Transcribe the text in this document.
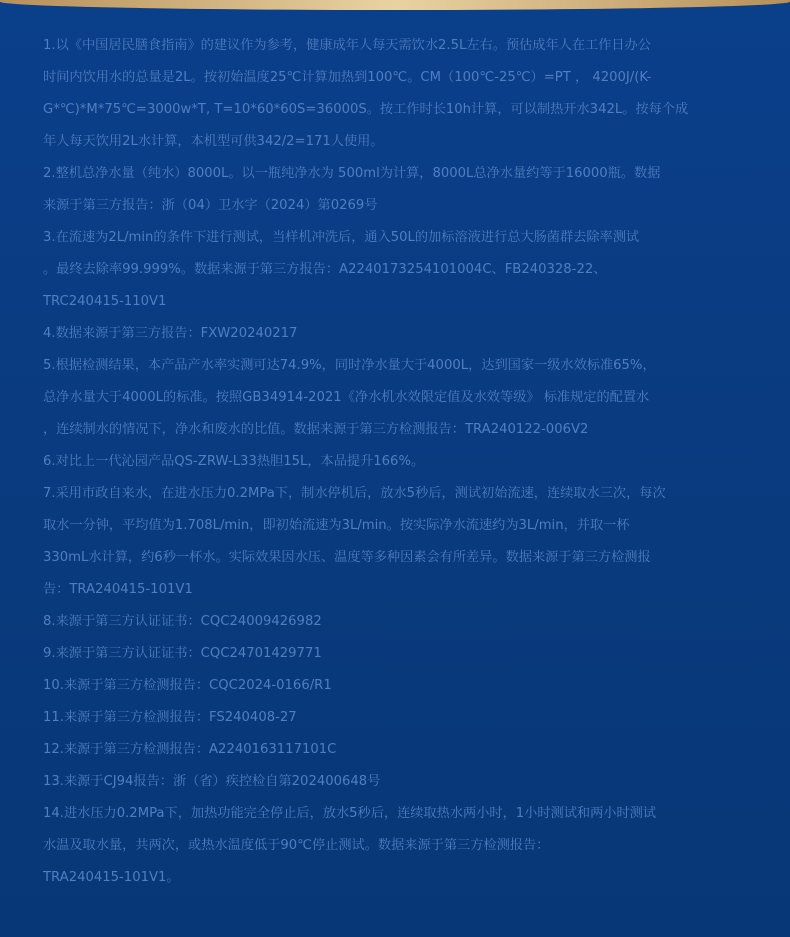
1.以《中国居民膳食指南》的建议作为参考，健康成年人每天需饮水2.5L左右。预估成年人在工作日办公
时间内饮用水的总量是2L。按初始温度25℃计算加热到100℃。CM（100℃-25℃）=PT ， 4200J/(K-
G*℃)*M*75℃=3000w*T, T=10*60*60S=36000S。按工作时长10h计算，可以制热开水342L。按每个成
年人每天饮用2L水计算，本机型可供342/2=171人使用。
2.整机总净水量（纯水）8000L。以一瓶纯净水为 500ml为计算，8000L总净水量约等于16000瓶。数据
来源于第三方报告：浙（04）卫水字（2024）第0269号
3.在流速为2L/min的条件下进行测试，当样机冲洗后，通入50L的加标溶液进行总大肠菌群去除率测试
。最终去除率99.999%。数据来源于第三方报告：A2240173254101004C、FB240328-22、
TRC240415-110V1
4.数据来源于第三方报告：FXW20240217
5.根据检测结果，本产品产水率实测可达74.9%，同时净水量大于4000L，达到国家一级水效标准65%，
总净水量大于4000L的标准。按照GB34914-2021《净水机水效限定值及水效等级》 标准规定的配置水
，连续制水的情况下，净水和废水的比值。数据来源于第三方检测报告：TRA240122-006V2
6.对比上一代沁园产品QS-ZRW-L33热胆15L，本品提升166%。
7.采用市政自来水，在进水压力0.2MPa下，制水停机后，放水5秒后，测试初始流速，连续取水三次，每次
取水一分钟，平均值为1.708L/min，即初始流速为3L/min。按实际净水流速约为3L/min，并取一杯
330mL水计算，约6秒一杯水。实际效果因水压、温度等多种因素会有所差异。数据来源于第三方检测报
告：TRA240415-101V1
8.来源于第三方认证证书：CQC24009426982
9.来源于第三方认证证书：CQC24701429771
10.来源于第三方检测报告：CQC2024-0166/R1
11.来源于第三方检测报告：FS240408-27
12.来源于第三方检测报告：A2240163117101C
13.来源于CJ94报告：浙（省）疾控检自第202400648号
14.进水压力0.2MPa下，加热功能完全停止后，放水5秒后，连续取热水两小时，1小时测试和两小时测试
水温及取水量，共两次，或热水温度低于90℃停止测试。数据来源于第三方检测报告：
TRA240415-101V1。
